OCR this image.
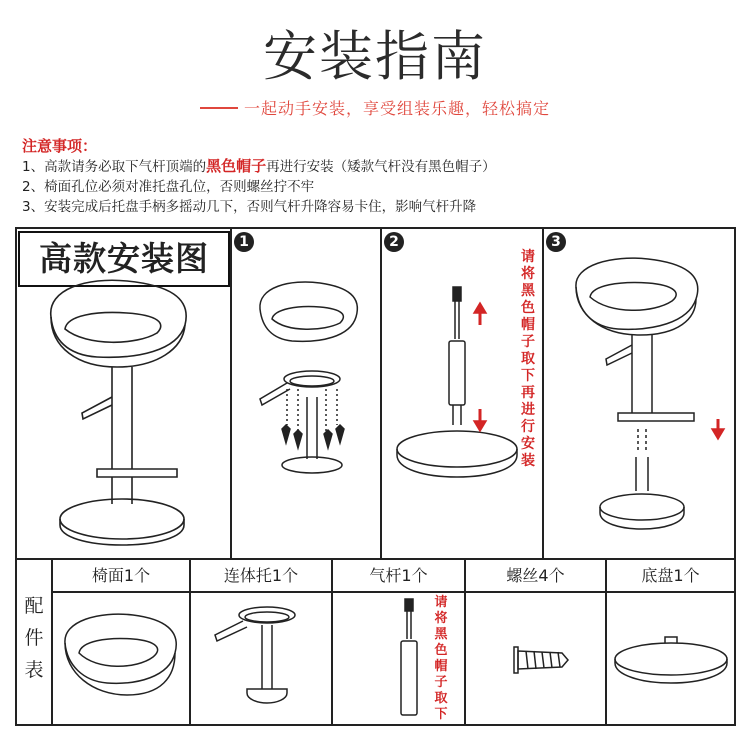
安装指南
一起动手安装，享受组装乐趣，轻松搞定
注意事项：
1、高款请务必取下气杆顶端的黑色帽子再进行安装（矮款气杆没有黑色帽子）
2、椅面孔位必须对准托盘孔位，否则螺丝拧不牢
3、安装完成后托盘手柄多摇动几下，否则气杆升降容易卡住，影响气杆升降
高款安装图	1	2
请将黑色帽子取下再进行安装
3
配件表
椅面1个	连体托1个	气杆1个	螺丝4个	底盘1个
请将黑色帽子取下
